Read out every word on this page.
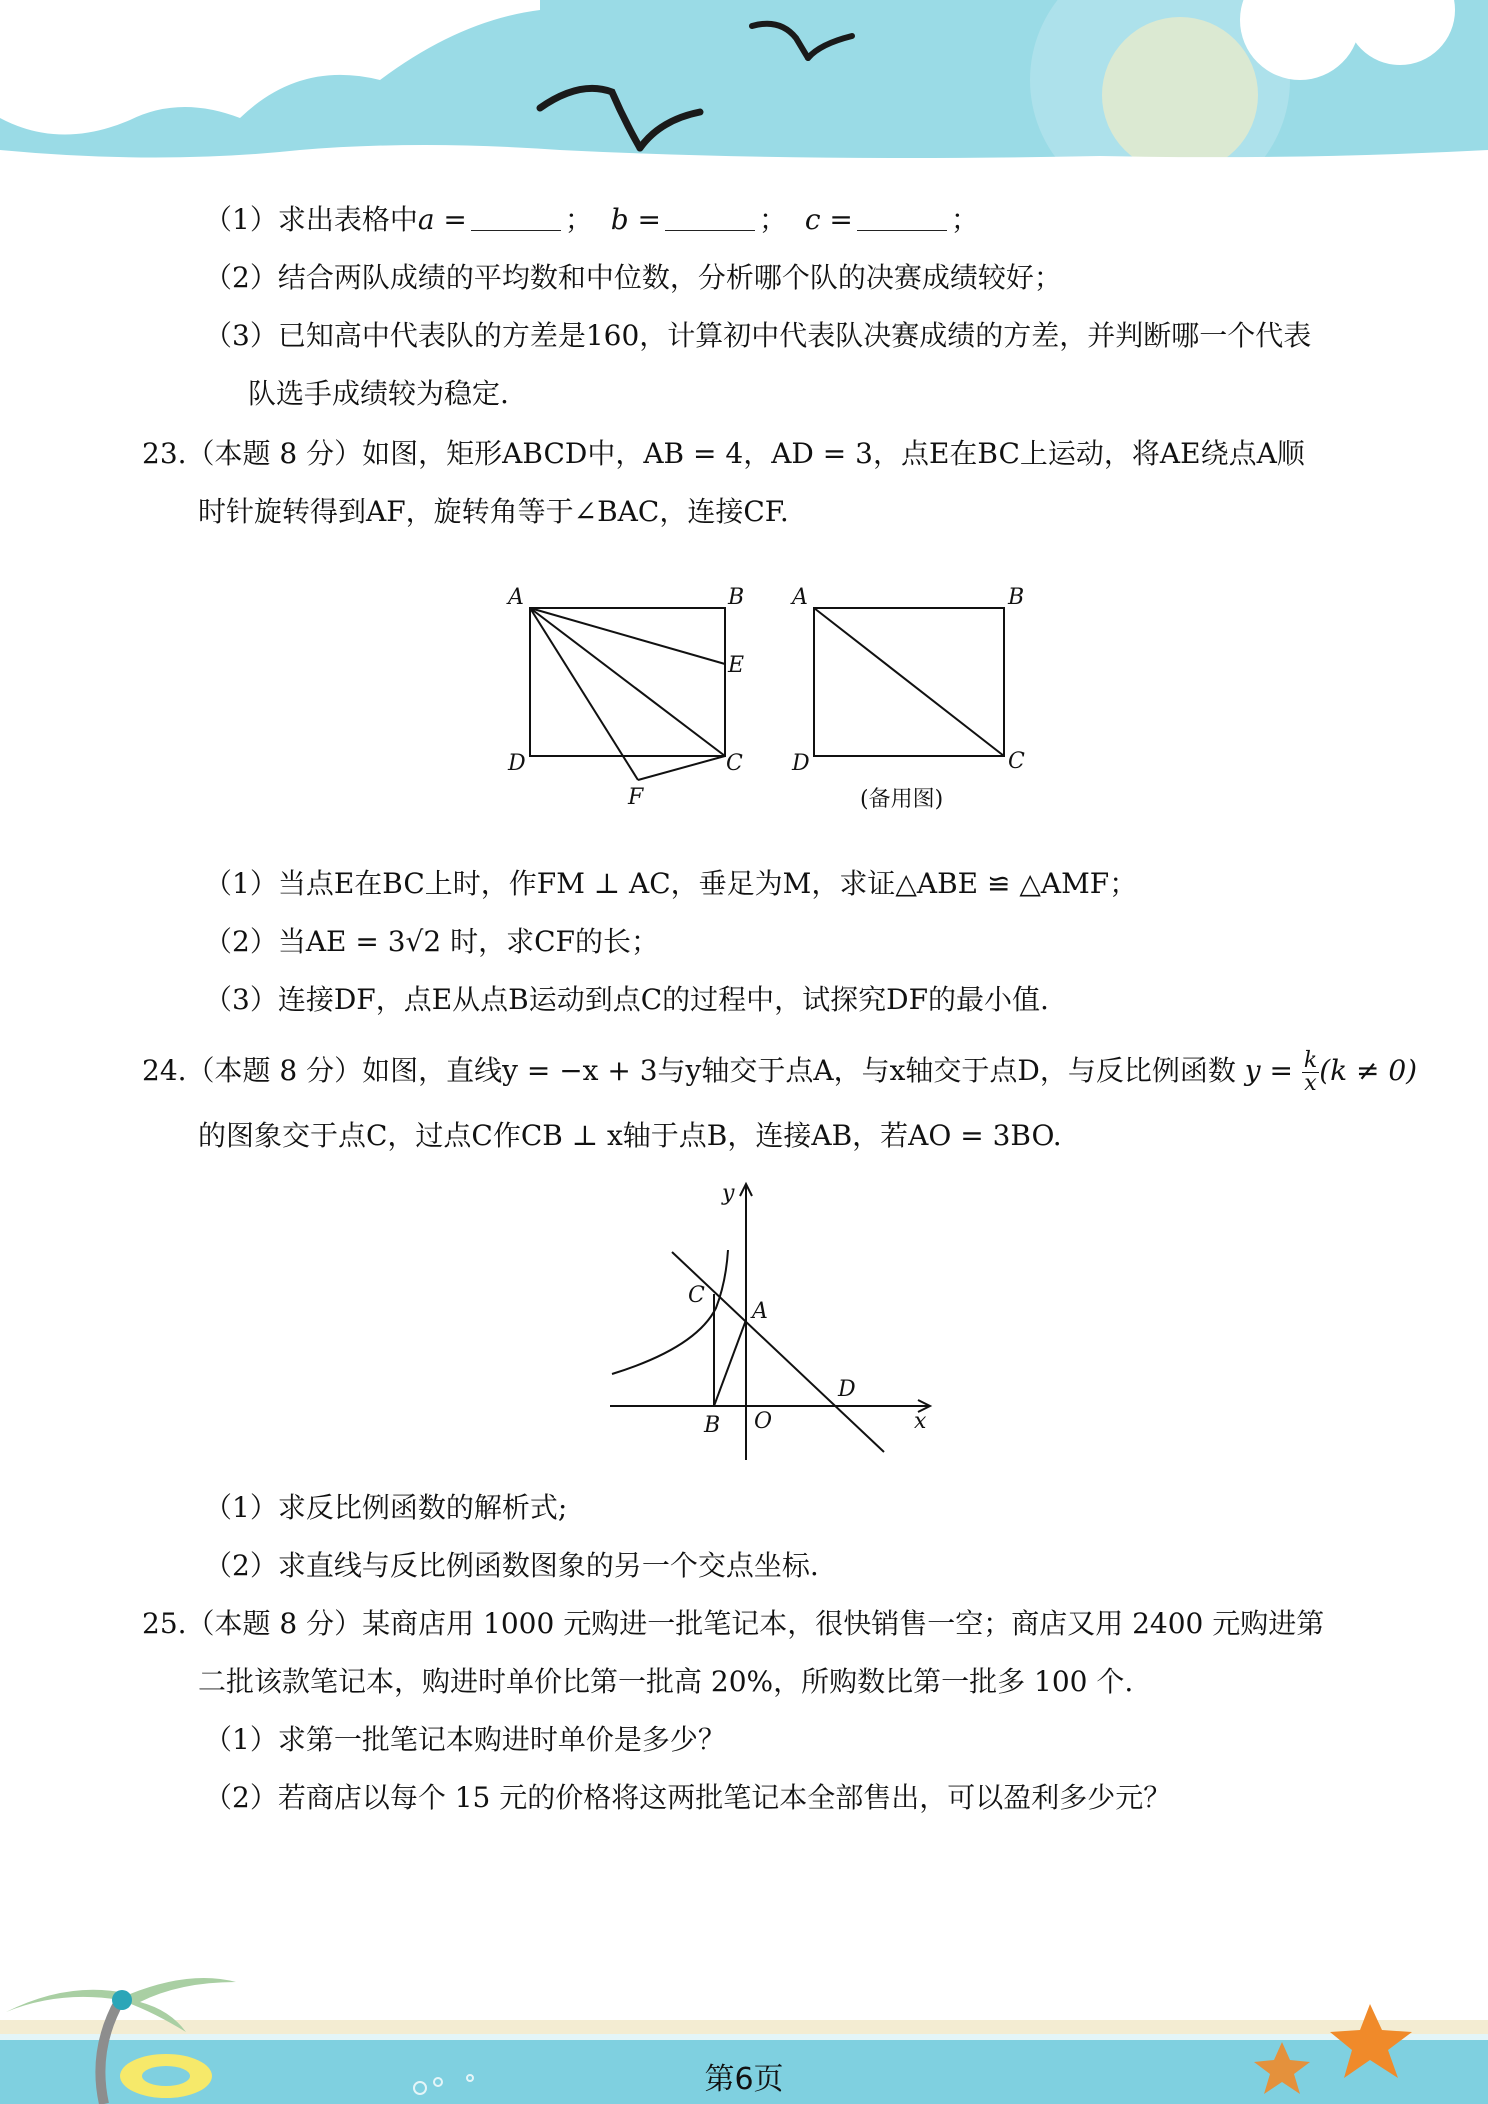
（1）求出表格中a =	； b =	； c =	；
（2）结合两队成绩的平均数和中位数，分析哪个队的决赛成绩较好；
（3）已知高中代表队的方差是160，计算初中代表队决赛成绩的方差，并判断哪一个代表
队选手成绩较为稳定.
23.（本题 8 分）如图，矩形ABCD中，AB = 4，AD = 3，点E在BC上运动，将AE绕点A顺
时针旋转得到AF，旋转角等于∠BAC，连接CF.
A	B
E
D	C
F
A	B
D	C
(备用图)
（1）当点E在BC上时，作FM ⊥ AC，垂足为M，求证△ABE ≌ △AMF；
（2）当AE = 3√2 时，求CF的长；
（3）连接DF，点E从点B运动到点C的过程中，试探究DF的最小值.
24.（本题 8 分）如图，直线y = −x + 3与y轴交于点A，与x轴交于点D，与反比例函数 $y = \frac{k}{x} (k \ne 0)$
的图象交于点C，过点C作CB ⊥ x轴于点B，连接AB，若AO = 3BO.
y
C
A
D
B O	x
（1）求反比例函数的解析式;
（2）求直线与反比例函数图象的另一个交点坐标.
25.（本题 8 分）某商店用 1000 元购进一批笔记本，很快销售一空；商店又用 2400 元购进第
二批该款笔记本，购进时单价比第一批高 20%，所购数比第一批多 100 个.
（1）求第一批笔记本购进时单价是多少？
（2）若商店以每个 15 元的价格将这两批笔记本全部售出，可以盈利多少元？
第6页
